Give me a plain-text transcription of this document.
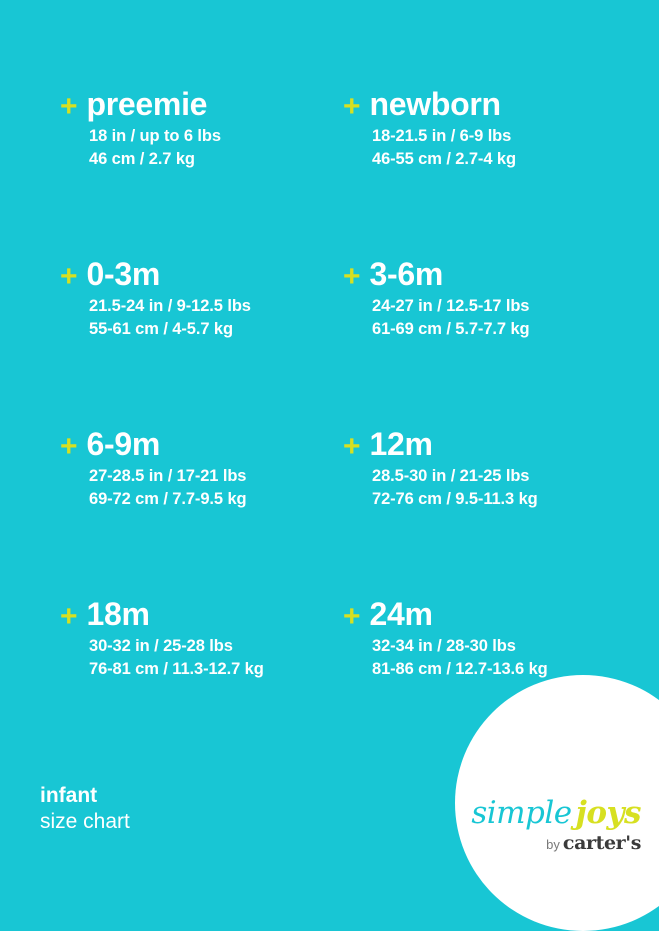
+ preemie
18 in / up to 6 lbs
46 cm / 2.7 kg
+ newborn
18-21.5 in / 6-9 lbs
46-55 cm / 2.7-4 kg
+ 0-3m
21.5-24 in / 9-12.5 lbs
55-61 cm / 4-5.7 kg
+ 3-6m
24-27 in / 12.5-17 lbs
61-69 cm / 5.7-7.7 kg
+ 6-9m
27-28.5 in / 17-21 lbs
69-72 cm / 7.7-9.5 kg
+ 12m
28.5-30 in / 21-25 lbs
72-76 cm / 9.5-11.3 kg
+ 18m
30-32 in / 25-28 lbs
76-81 cm / 11.3-12.7 kg
+ 24m
32-34 in / 28-30 lbs
81-86 cm / 12.7-13.6 kg
infant
size chart	simple joys
by carter's
